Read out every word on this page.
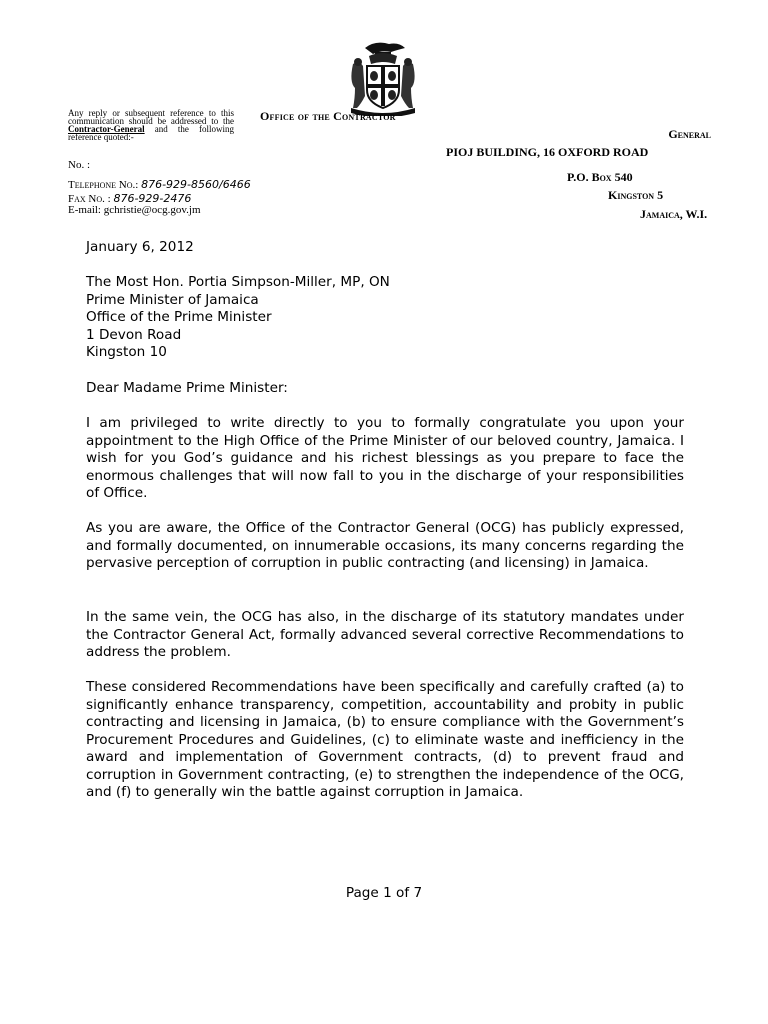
Any reply or subsequent reference to this communication should be addressed to the Contractor-General and the following reference quoted:-
Office of the Contractor
General
PIOJ BUILDING, 16 OXFORD ROAD
No. :
Telephone No.: 876-929-8560/6466
Fax No. : 876-929-2476
E-mail: gchristie@ocg.gov.jm
P.O. Box 540
Kingston 5
Jamaica, W.I.
January 6, 2012
The Most Hon. Portia Simpson-Miller, MP, ON
Prime Minister of Jamaica
Office of the Prime Minister
1 Devon Road
Kingston 10
Dear Madame Prime Minister:
I am privileged to write directly to you to formally congratulate you upon your appointment to the High Office of the Prime Minister of our beloved country, Jamaica. I wish for you God’s guidance and his richest blessings as you prepare to face the enormous challenges that will now fall to you in the discharge of your responsibilities of Office.
As you are aware, the Office of the Contractor General (OCG) has publicly expressed, and formally documented, on innumerable occasions, its many concerns regarding the pervasive perception of corruption in public contracting (and licensing) in Jamaica.
In the same vein, the OCG has also, in the discharge of its statutory mandates under the Contractor General Act, formally advanced several corrective Recommendations to address the problem.
These considered Recommendations have been specifically and carefully crafted (a) to significantly enhance transparency, competition, accountability and probity in public contracting and licensing in Jamaica, (b) to ensure compliance with the Government’s Procurement Procedures and Guidelines, (c) to eliminate waste and inefficiency in the award and implementation of Government contracts, (d) to prevent fraud and corruption in Government contracting, (e) to strengthen the independence of the OCG, and (f) to generally win the battle against corruption in Jamaica.
Page 1 of 7
